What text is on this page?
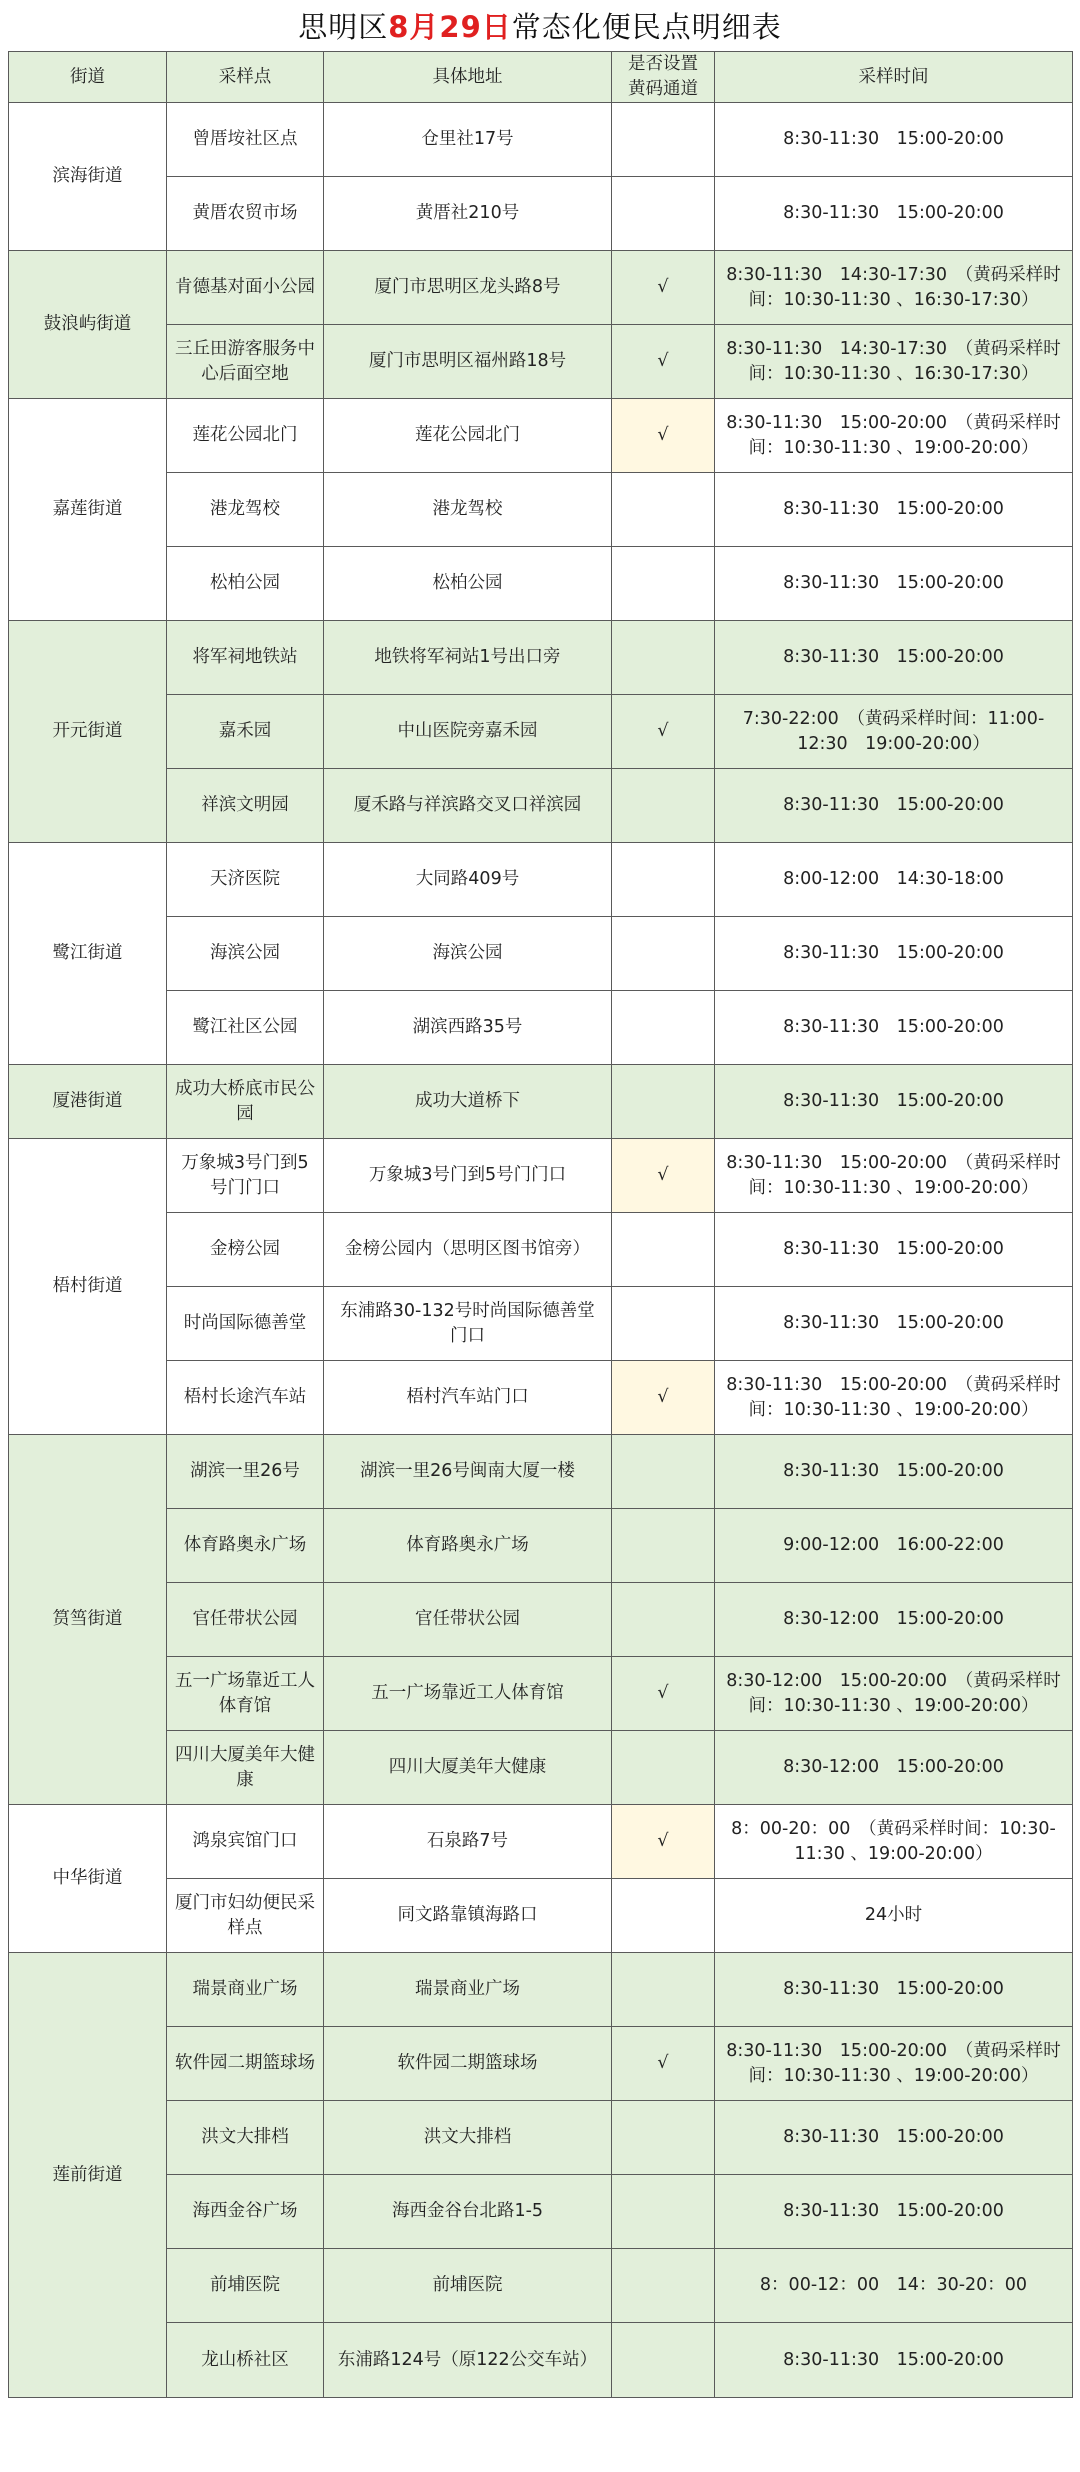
思明区 8月29日 常态化便民点明细表
街道	采样点	具体地址	是否设置黄码通道	采样时间
滨海街道	曾厝垵社区点	仓里社17号		8:30-11:30　15:00-20:00
	黄厝农贸市场	黄厝社210号		8:30-11:30　15:00-20:00
鼓浪屿街道	肯德基对面小公园	厦门市思明区龙头路8号	√	8:30-11:30　14:30-17:30　（黄码采样时间：10:30-11:30 、16:30-17:30）
	三丘田游客服务中心后面空地	厦门市思明区福州路18号	√	8:30-11:30　14:30-17:30　（黄码采样时间：10:30-11:30 、16:30-17:30）
嘉莲街道	莲花公园北门	莲花公园北门	√	8:30-11:30　15:00-20:00　（黄码采样时间：10:30-11:30 、19:00-20:00）
	港龙驾校	港龙驾校		8:30-11:30　15:00-20:00
	松柏公园	松柏公园		8:30-11:30　15:00-20:00
开元街道	将军祠地铁站	地铁将军祠站1号出口旁		8:30-11:30　15:00-20:00
	嘉禾园	中山医院旁嘉禾园	√	7:30-22:00　（黄码采样时间：11:00-12:30　19:00-20:00）
	祥滨文明园	厦禾路与祥滨路交叉口祥滨园		8:30-11:30　15:00-20:00
鹭江街道	天济医院	大同路409号		8:00-12:00　14:30-18:00
	海滨公园	海滨公园		8:30-11:30　15:00-20:00
	鹭江社区公园	湖滨西路35号		8:30-11:30　15:00-20:00
厦港街道	成功大桥底市民公园	成功大道桥下		8:30-11:30　15:00-20:00
梧村街道	万象城3号门到5号门门口	万象城3号门到5号门门口	√	8:30-11:30　15:00-20:00　（黄码采样时间：10:30-11:30 、19:00-20:00）
	金榜公园	金榜公园内（思明区图书馆旁）		8:30-11:30　15:00-20:00
	时尚国际德善堂	东浦路30-132号时尚国际德善堂门口		8:30-11:30　15:00-20:00
	梧村长途汽车站	梧村汽车站门口	√	8:30-11:30　15:00-20:00　（黄码采样时间：10:30-11:30 、19:00-20:00）
筼筜街道	湖滨一里26号	湖滨一里26号闽南大厦一楼		8:30-11:30　15:00-20:00
	体育路奥永广场	体育路奥永广场		9:00-12:00　16:00-22:00
	官任带状公园	官任带状公园		8:30-12:00　15:00-20:00
	五一广场靠近工人体育馆	五一广场靠近工人体育馆	√	8:30-12:00　15:00-20:00　（黄码采样时间：10:30-11:30 、19:00-20:00）
	四川大厦美年大健康	四川大厦美年大健康		8:30-12:00　15:00-20:00
中华街道	鸿泉宾馆门口	石泉路7号	√	8：00-20：00　（黄码采样时间：10:30-11:30 、19:00-20:00）
	厦门市妇幼便民采样点	同文路靠镇海路口		24小时
莲前街道	瑞景商业广场	瑞景商业广场		8:30-11:30　15:00-20:00
	软件园二期篮球场	软件园二期篮球场	√	8:30-11:30　15:00-20:00　（黄码采样时间：10:30-11:30 、19:00-20:00）
	洪文大排档	洪文大排档		8:30-11:30　15:00-20:00
	海西金谷广场	海西金谷台北路1-5		8:30-11:30　15:00-20:00
	前埔医院	前埔医院		8：00-12：00　14：30-20：00
	龙山桥社区	东浦路124号（原122公交车站）		8:30-11:30　15:00-20:00
